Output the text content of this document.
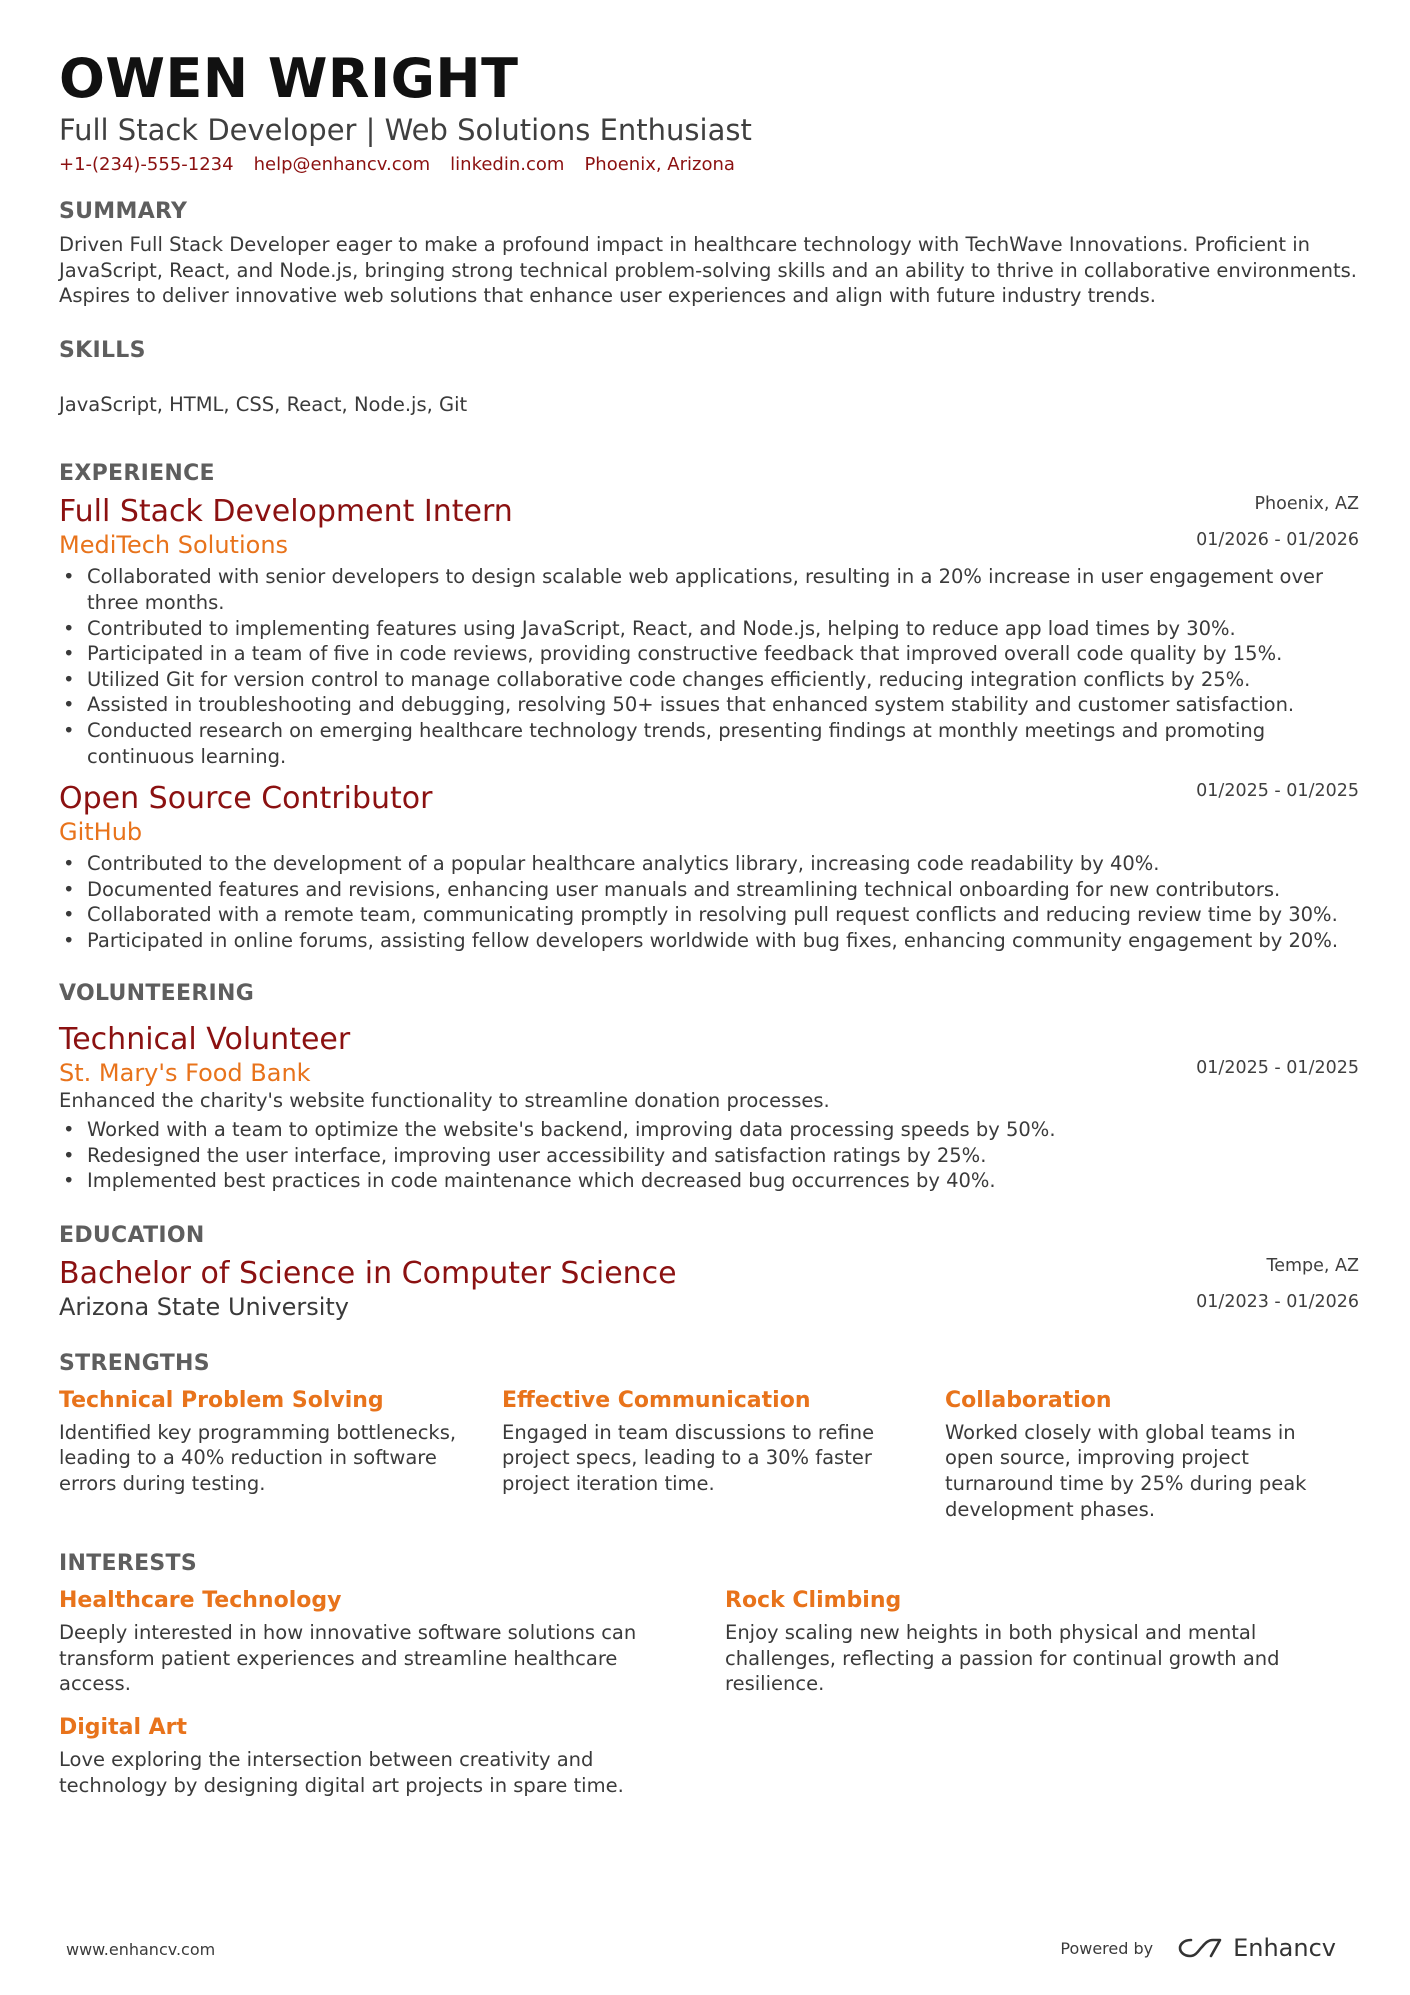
OWEN WRIGHT
Full Stack Developer | Web Solutions Enthusiast
+1-(234)-555-1234 help@enhancv.com linkedin.com Phoenix, Arizona
SUMMARY
Driven Full Stack Developer eager to make a profound impact in healthcare technology with TechWave Innovations. Proficient in JavaScript, React, and Node.js, bringing strong technical problem-solving skills and an ability to thrive in collaborative environments. Aspires to deliver innovative web solutions that enhance user experiences and align with future industry trends.
SKILLS
JavaScript, HTML, CSS, React, Node.js, Git
EXPERIENCE
Phoenix, AZ
01/2026 - 01/2026
Full Stack Development Intern
MediTech Solutions
• Collaborated with senior developers to design scalable web applications, resulting in a 20% increase in user engagement over three months.
• Contributed to implementing features using JavaScript, React, and Node.js, helping to reduce app load times by 30%.
• Participated in a team of five in code reviews, providing constructive feedback that improved overall code quality by 15%.
• Utilized Git for version control to manage collaborative code changes efficiently, reducing integration conflicts by 25%.
• Assisted in troubleshooting and debugging, resolving 50+ issues that enhanced system stability and customer satisfaction.
• Conducted research on emerging healthcare technology trends, presenting findings at monthly meetings and promoting continuous learning.
01/2025 - 01/2025
Open Source Contributor
GitHub
• Contributed to the development of a popular healthcare analytics library, increasing code readability by 40%.
• Documented features and revisions, enhancing user manuals and streamlining technical onboarding for new contributors.
• Collaborated with a remote team, communicating promptly in resolving pull request conflicts and reducing review time by 30%.
• Participated in online forums, assisting fellow developers worldwide with bug fixes, enhancing community engagement by 20%.
VOLUNTEERING
01/2025 - 01/2025
Technical Volunteer
St. Mary's Food Bank
Enhanced the charity's website functionality to streamline donation processes.
• Worked with a team to optimize the website's backend, improving data processing speeds by 50%.
• Redesigned the user interface, improving user accessibility and satisfaction ratings by 25%.
• Implemented best practices in code maintenance which decreased bug occurrences by 40%.
EDUCATION
Tempe, AZ
01/2023 - 01/2026
Bachelor of Science in Computer Science
Arizona State University
STRENGTHS
Technical Problem Solving
Identified key programming bottlenecks, leading to a 40% reduction in software errors during testing.
Effective Communication
Engaged in team discussions to refine project specs, leading to a 30% faster project iteration time.
Collaboration
Worked closely with global teams in open source, improving project turnaround time by 25% during peak development phases.
INTERESTS
Healthcare Technology
Deeply interested in how innovative software solutions can transform patient experiences and streamline healthcare access.
Rock Climbing
Enjoy scaling new heights in both physical and mental challenges, reflecting a passion for continual growth and resilience.
Digital Art
Love exploring the intersection between creativity and technology by designing digital art projects in spare time.
www.enhancv.com	Powered by	Enhancv
